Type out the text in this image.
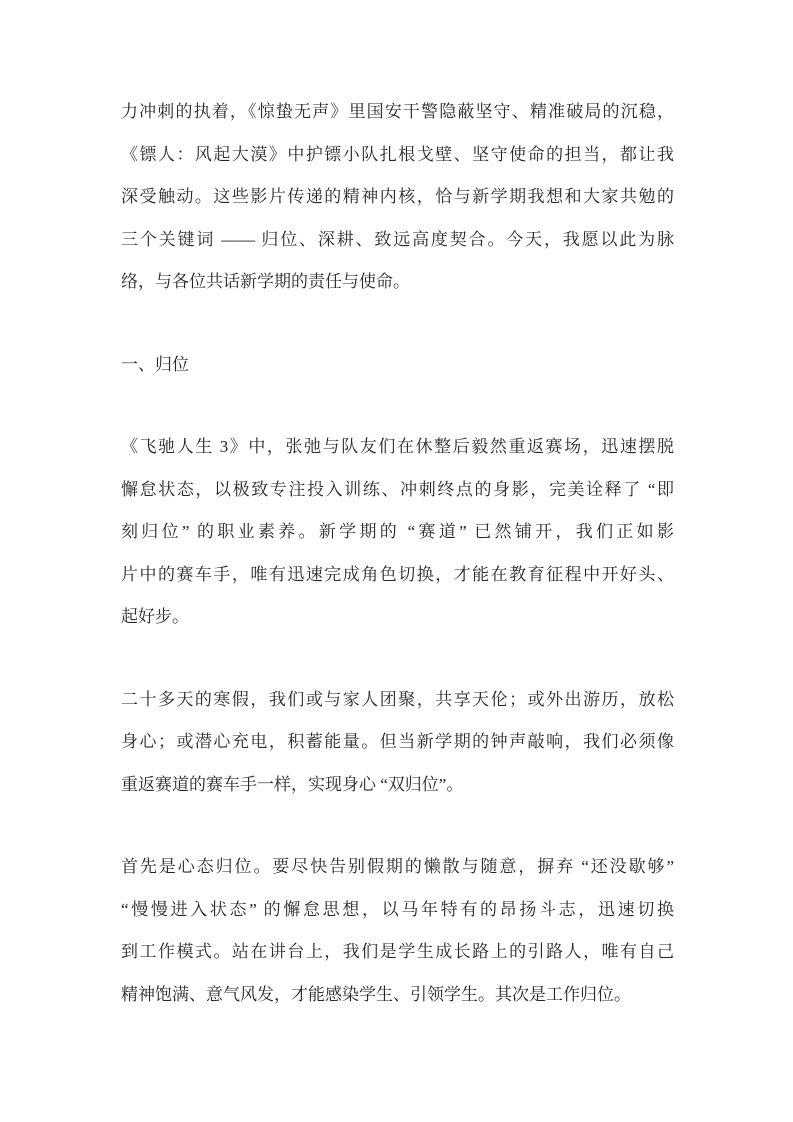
力冲刺的执着，《惊蛰无声》里国安干警隐蔽坚守、精准破局的沉稳，
《镖人：风起大漠》中护镖小队扎根戈壁、坚守使命的担当，都让我
深受触动。这些影片传递的精神内核，恰与新学期我想和大家共勉的
三个关键词 —— 归位、深耕、致远高度契合。今天，我愿以此为脉
络，与各位共话新学期的责任与使命。
一、归位
《飞驰人生 3》中，张弛与队友们在休整后毅然重返赛场，迅速摆脱
懈怠状态，以极致专注投入训练、冲刺终点的身影，完美诠释了 “即
刻归位” 的职业素养。新学期的 “赛道” 已然铺开，我们正如影
片中的赛车手，唯有迅速完成角色切换，才能在教育征程中开好头、
起好步。
二十多天的寒假，我们或与家人团聚，共享天伦；或外出游历，放松
身心；或潜心充电，积蓄能量。但当新学期的钟声敲响，我们必须像
重返赛道的赛车手一样，实现身心 “双归位”。
首先是心态归位。要尽快告别假期的懒散与随意，摒弃 “还没歇够”
“慢慢进入状态” 的懈怠思想，以马年特有的昂扬斗志，迅速切换
到工作模式。站在讲台上，我们是学生成长路上的引路人，唯有自己
精神饱满、意气风发，才能感染学生、引领学生。其次是工作归位。
